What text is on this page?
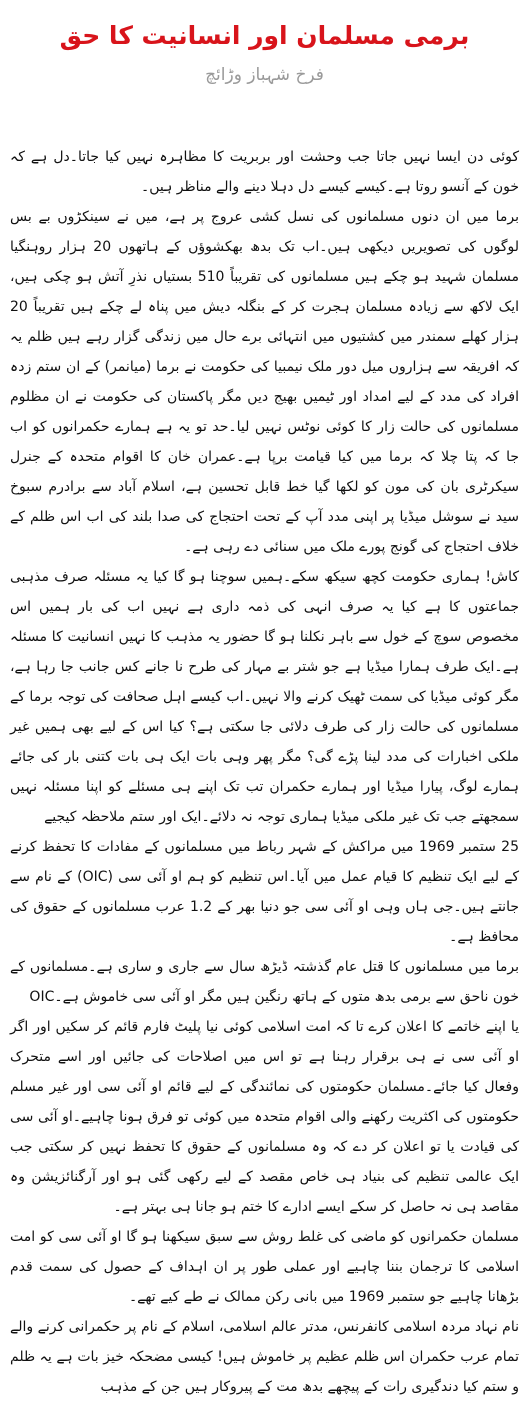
برمی مسلمان اور انسانیت کا حق
فرخ شہباز وڑائچ

کوئی دن ایسا نہیں جاتا جب وحشت اور بربریت کا مظاہرہ نہیں کیا جاتا۔دل ہے کہ خون کے آنسو روتا ہے۔کیسے کیسے دل دہلا دینے والے مناظر ہیں۔

برما میں ان دنوں مسلمانوں کی نسل کشی عروج پر ہے، میں نے سینکڑوں بے بس لوگوں کی تصویریں دیکھی ہیں۔اب تک بدھ بھکشوؤں کے ہاتھوں 20 ہزار روہنگیا مسلمان شہید ہو چکے ہیں مسلمانوں کی تقریباً 510 بستیاں نذرِ آتش ہو چکی ہیں، ایک لاکھ سے زیادہ مسلمان ہجرت کر کے بنگلہ دیش میں پناہ لے چکے ہیں تقریباً 20 ہزار کھلے سمندر میں کشتیوں میں انتہائی برے حال میں زندگی گزار رہے ہیں ظلم یہ کہ افریقہ سے ہزاروں میل دور ملک نیمبیا کی حکومت نے برما (میانمر) کے ان ستم زدہ افراد کی مدد کے لیے امداد اور ٹیمیں بھیج دیں مگر پاکستان کی حکومت نے ان مظلوم مسلمانوں کی حالت زار کا کوئی نوٹس نہیں لیا۔حد تو یہ ہے ہمارے حکمرانوں کو اب جا کہ پتا چلا کہ برما میں کیا قیامت برپا ہے۔عمران خان کا اقوام متحدہ کے جنرل سیکرٹری بان کی مون کو لکھا گیا خط قابل تحسین ہے، اسلام آباد سے برادرم سبوخ سید نے سوشل میڈیا پر اپنی مدد آپ کے تحت احتجاج کی صدا بلند کی اب اس ظلم کے خلاف احتجاج کی گونج پورے ملک میں سنائی دے رہی ہے۔

کاش! ہماری حکومت کچھ سیکھ سکے۔ہمیں سوچنا ہو گا کیا یہ مسئلہ صرف مذہبی جماعتوں کا ہے کیا یہ صرف انہی کی ذمہ داری ہے نہیں اب کی بار ہمیں اس مخصوص سوچ کے خول سے باہر نکلنا ہو گا حضور یہ مذہب کا نہیں انسانیت کا مسئلہ ہے۔ایک طرف ہمارا میڈیا ہے جو شتر بے مہار کی طرح نا جانے کس جانب جا رہا ہے، مگر کوئی میڈیا کی سمت ٹھیک کرنے والا نہیں۔اب کیسے اہل صحافت کی توجہ برما کے مسلمانوں کی حالت زار کی طرف دلائی جا سکتی ہے؟ کیا اس کے لیے بھی ہمیں غیر ملکی اخبارات کی مدد لینا پڑے گی؟ مگر پھر وہی بات ایک ہی بات کتنی بار کی جائے ہمارے لوگ، پیارا میڈیا اور ہمارے حکمران تب تک اپنے ہی مسئلے کو اپنا مسئلہ نہیں سمجھتے جب تک غیر ملکی میڈیا ہماری توجہ نہ دلائے۔ایک اور ستم ملاحظہ کیجیے

25 ستمبر 1969 میں مراکش کے شہر رباط میں مسلمانوں کے مفادات کا تحفظ کرنے کے لیے ایک تنظیم کا قیام عمل میں آیا۔اس تنظیم کو ہم او آئی سی (OIC) کے نام سے جانتے ہیں۔جی ہاں وہی او آئی سی جو دنیا بھر کے 1.2 عرب مسلمانوں کے حقوق کی محافظ ہے۔

برما میں مسلمانوں کا قتل عام گذشتہ ڈیڑھ سال سے جاری و ساری ہے۔مسلمانوں کے خون ناحق سے برمی بدھ متوں کے ہاتھ رنگین ہیں مگر او آئی سی خاموش ہے۔OIC

یا اپنے خاتمے کا اعلان کرے تا کہ امت اسلامی کوئی نیا پلیٹ فارم قائم کر سکیں اور اگر او آئی سی نے ہی برقرار رہنا ہے تو اس میں اصلاحات کی جائیں اور اسے متحرک وفعال کیا جائے۔مسلمان حکومتوں کی نمائندگی کے لیے قائم او آئی سی اور غیر مسلم حکومتوں کی اکثریت رکھنے والی اقوام متحدہ میں کوئی تو فرق ہونا چاہیے۔او آئی سی کی قیادت یا تو اعلان کر دے کہ وہ مسلمانوں کے حقوق کا تحفظ نہیں کر سکتی جب ایک عالمی تنظیم کی بنیاد ہی خاص مقصد کے لیے رکھی گئی ہو اور آرگنائزیشن وہ مقاصد ہی نہ حاصل کر سکے ایسے ادارے کا ختم ہو جانا ہی بہتر ہے۔

مسلمان حکمرانوں کو ماضی کی غلط روش سے سبق سیکھنا ہو گا او آئی سی کو امت اسلامی کا ترجمان بننا چاہیے اور عملی طور پر ان اہداف کے حصول کی سمت قدم بڑھانا چاہیے جو ستمبر 1969 میں بانی رکن ممالک نے طے کیے تھے۔

نام نہاد مردہ اسلامی کانفرنس، مدتر عالم اسلامی، اسلام کے نام پر حکمرانی کرنے والے تمام عرب حکمران اس ظلم عظیم پر خاموش ہیں! کیسی مضحکہ خیز بات ہے یہ ظلم و ستم کیا دندگیری رات کے پیچھے بدھ مت کے پیروکار ہیں جن کے مذہب
